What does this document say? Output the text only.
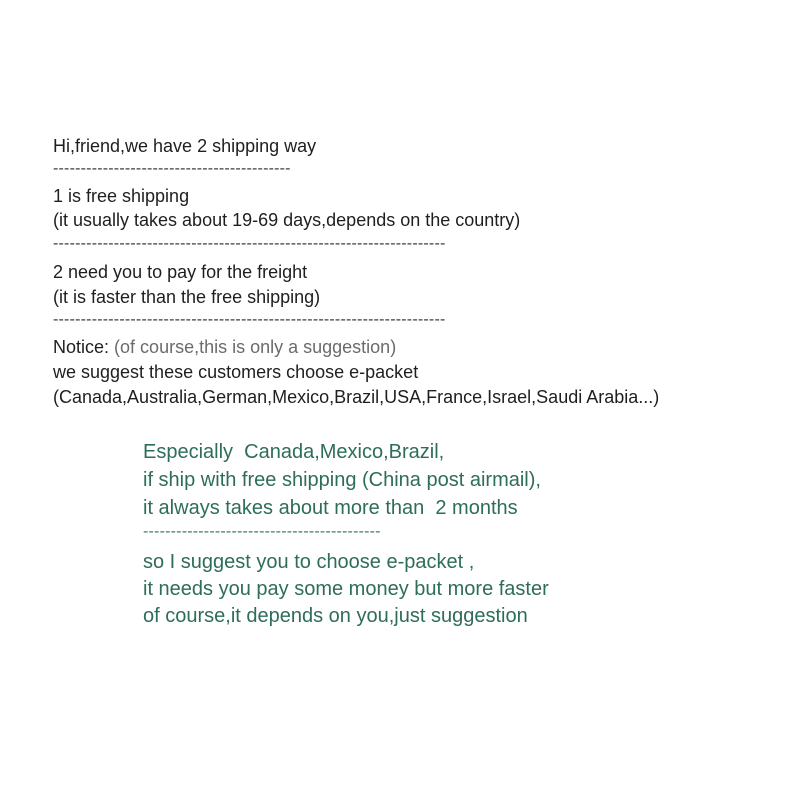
Hi,friend,we have 2 shipping way
-------------------------------------------
1 is free shipping
(it usually takes about 19-69 days,depends on the country)
-----------------------------------------------------------------------
2 need you to pay for the freight
(it is faster than the free shipping)
-----------------------------------------------------------------------
Notice: (of course,this is only a suggestion)
we suggest these customers choose e-packet
(Canada,Australia,German,Mexico,Brazil,USA,France,Israel,Saudi Arabia...)
Especially  Canada,Mexico,Brazil,
if ship with free shipping (China post airmail),
it always takes about more than  2 months
-------------------------------------------
so I suggest you to choose e-packet ,
it needs you pay some money but more faster
of course,it depends on you,just suggestion
